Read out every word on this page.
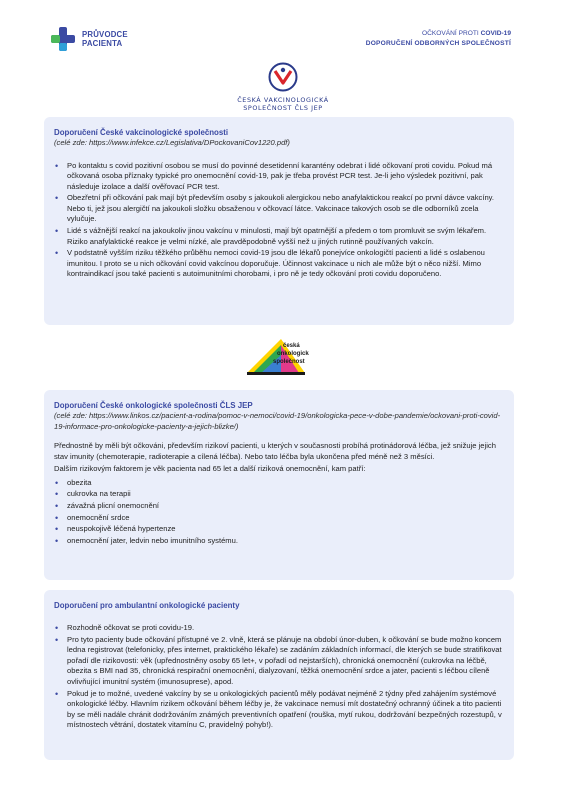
PRŮVODCE
PACIENTA
OČKOVÁNÍ PROTI COVID-19
DOPORUČENÍ ODBORNÝCH SPOLEČNOSTÍ
ČESKÁ VAKCINOLOGICKÁ
SPOLEČNOST ČLS JEP
Doporučení České vakcinologické společnosti
(celé zde: https://www.infekce.cz/Legislativa/DPockovaniCov1220.pdf)
• Po kontaktu s covid pozitivní osobou se musí do povinné desetidenní karantény odebrat i lidé očkovaní proti covidu. Pokud má očkovaná osoba příznaky typické pro onemocnění covid-19, pak je třeba provést PCR test. Je-li jeho výsledek pozitivní, pak následuje izolace a další ověřovací PCR test.
• Obezřetní při očkování pak mají být především osoby s jakoukoli alergickou nebo anafylaktickou reakcí po první dávce vakcíny. Nebo ti, jež jsou alergičtí na jakoukoli složku obsaženou v očkovací látce. Vakcinace takových osob se dle odborníků zcela vylučuje.
• Lidé s vážnější reakcí na jakoukoliv jinou vakcínu v minulosti, mají být opatrnější a předem o tom promluvit se svým lékařem. Riziko anafylaktické reakce je velmi nízké, ale pravděpodobně vyšší než u jiných rutinně používaných vakcín.
• V podstatně vyšším riziku těžkého průběhu nemoci covid-19 jsou dle lékařů ponejvíce onkologičtí pacienti a lidé s oslabenou imunitou. I proto se u nich očkování covid vakcínou doporučuje. Účinnost vakcinace u nich ale může být o něco nižší. Mimo kontraindikací jsou také pacienti s autoimunitními chorobami, i pro ně je tedy očkování proti covidu doporučeno.
česká
onkologická
společnost
Doporučení České onkologické společnosti ČLS JEP
(celé zde: https://www.linkos.cz/pacient-a-rodina/pomoc-v-nemoci/covid-19/onkologicka-pece-v-dobe-pandemie/ockovani-proti-covid-19-informace-pro-onkologicke-pacienty-a-jejich-blizke/)
Přednostně by měli být očkováni, především rizikoví pacienti, u kterých v současnosti probíhá protinádorová léčba, jež snižuje jejich stav imunity (chemoterapie, radioterapie a cílená léčba). Nebo tato léčba byla ukončena před méně než 3 měsíci.
Dalším rizikovým faktorem je věk pacienta nad 65 let a další riziková onemocnění, kam patří:
• obezita
• cukrovka na terapii
• závažná plicní onemocnění
• onemocnění srdce
• neuspokojivě léčená hypertenze
• onemocnění jater, ledvin nebo imunitního systému.
Doporučení pro ambulantní onkologické pacienty
• Rozhodně očkovat se proti covidu-19.
• Pro tyto pacienty bude očkování přístupné ve 2. vlně, která se plánuje na období únor-duben, k očkování se bude možno koncem ledna registrovat (telefonicky, přes internet, praktického lékaře) se zadáním základních informací, dle kterých se bude stratifikovat pořadí dle rizikovosti: věk (upřednostněny osoby 65 let+, v pořadí od nejstarších), chronická onemocnění (cukrovka na léčbě, obezita s BMI nad 35, chronická respirační onemocnění, dialyzovaní, těžká onemocnění srdce a jater, pacienti s léčbou cíleně ovlivňující imunitní systém (imunosuprese), apod.
• Pokud je to možné, uvedené vakcíny by se u onkologických pacientů měly podávat nejméně 2 týdny před zahájením systémové onkologické léčby. Hlavním rizikem očkování během léčby je, že vakcinace nemusí mít dostatečný ochranný účinek a tito pacienti by se měli nadále chránit dodržováním známých preventivních opatření (rouška, mytí rukou, dodržování bezpečných rozestupů, v místnostech větrání, dostatek vitamínu C, pravidelný pohyb!).
